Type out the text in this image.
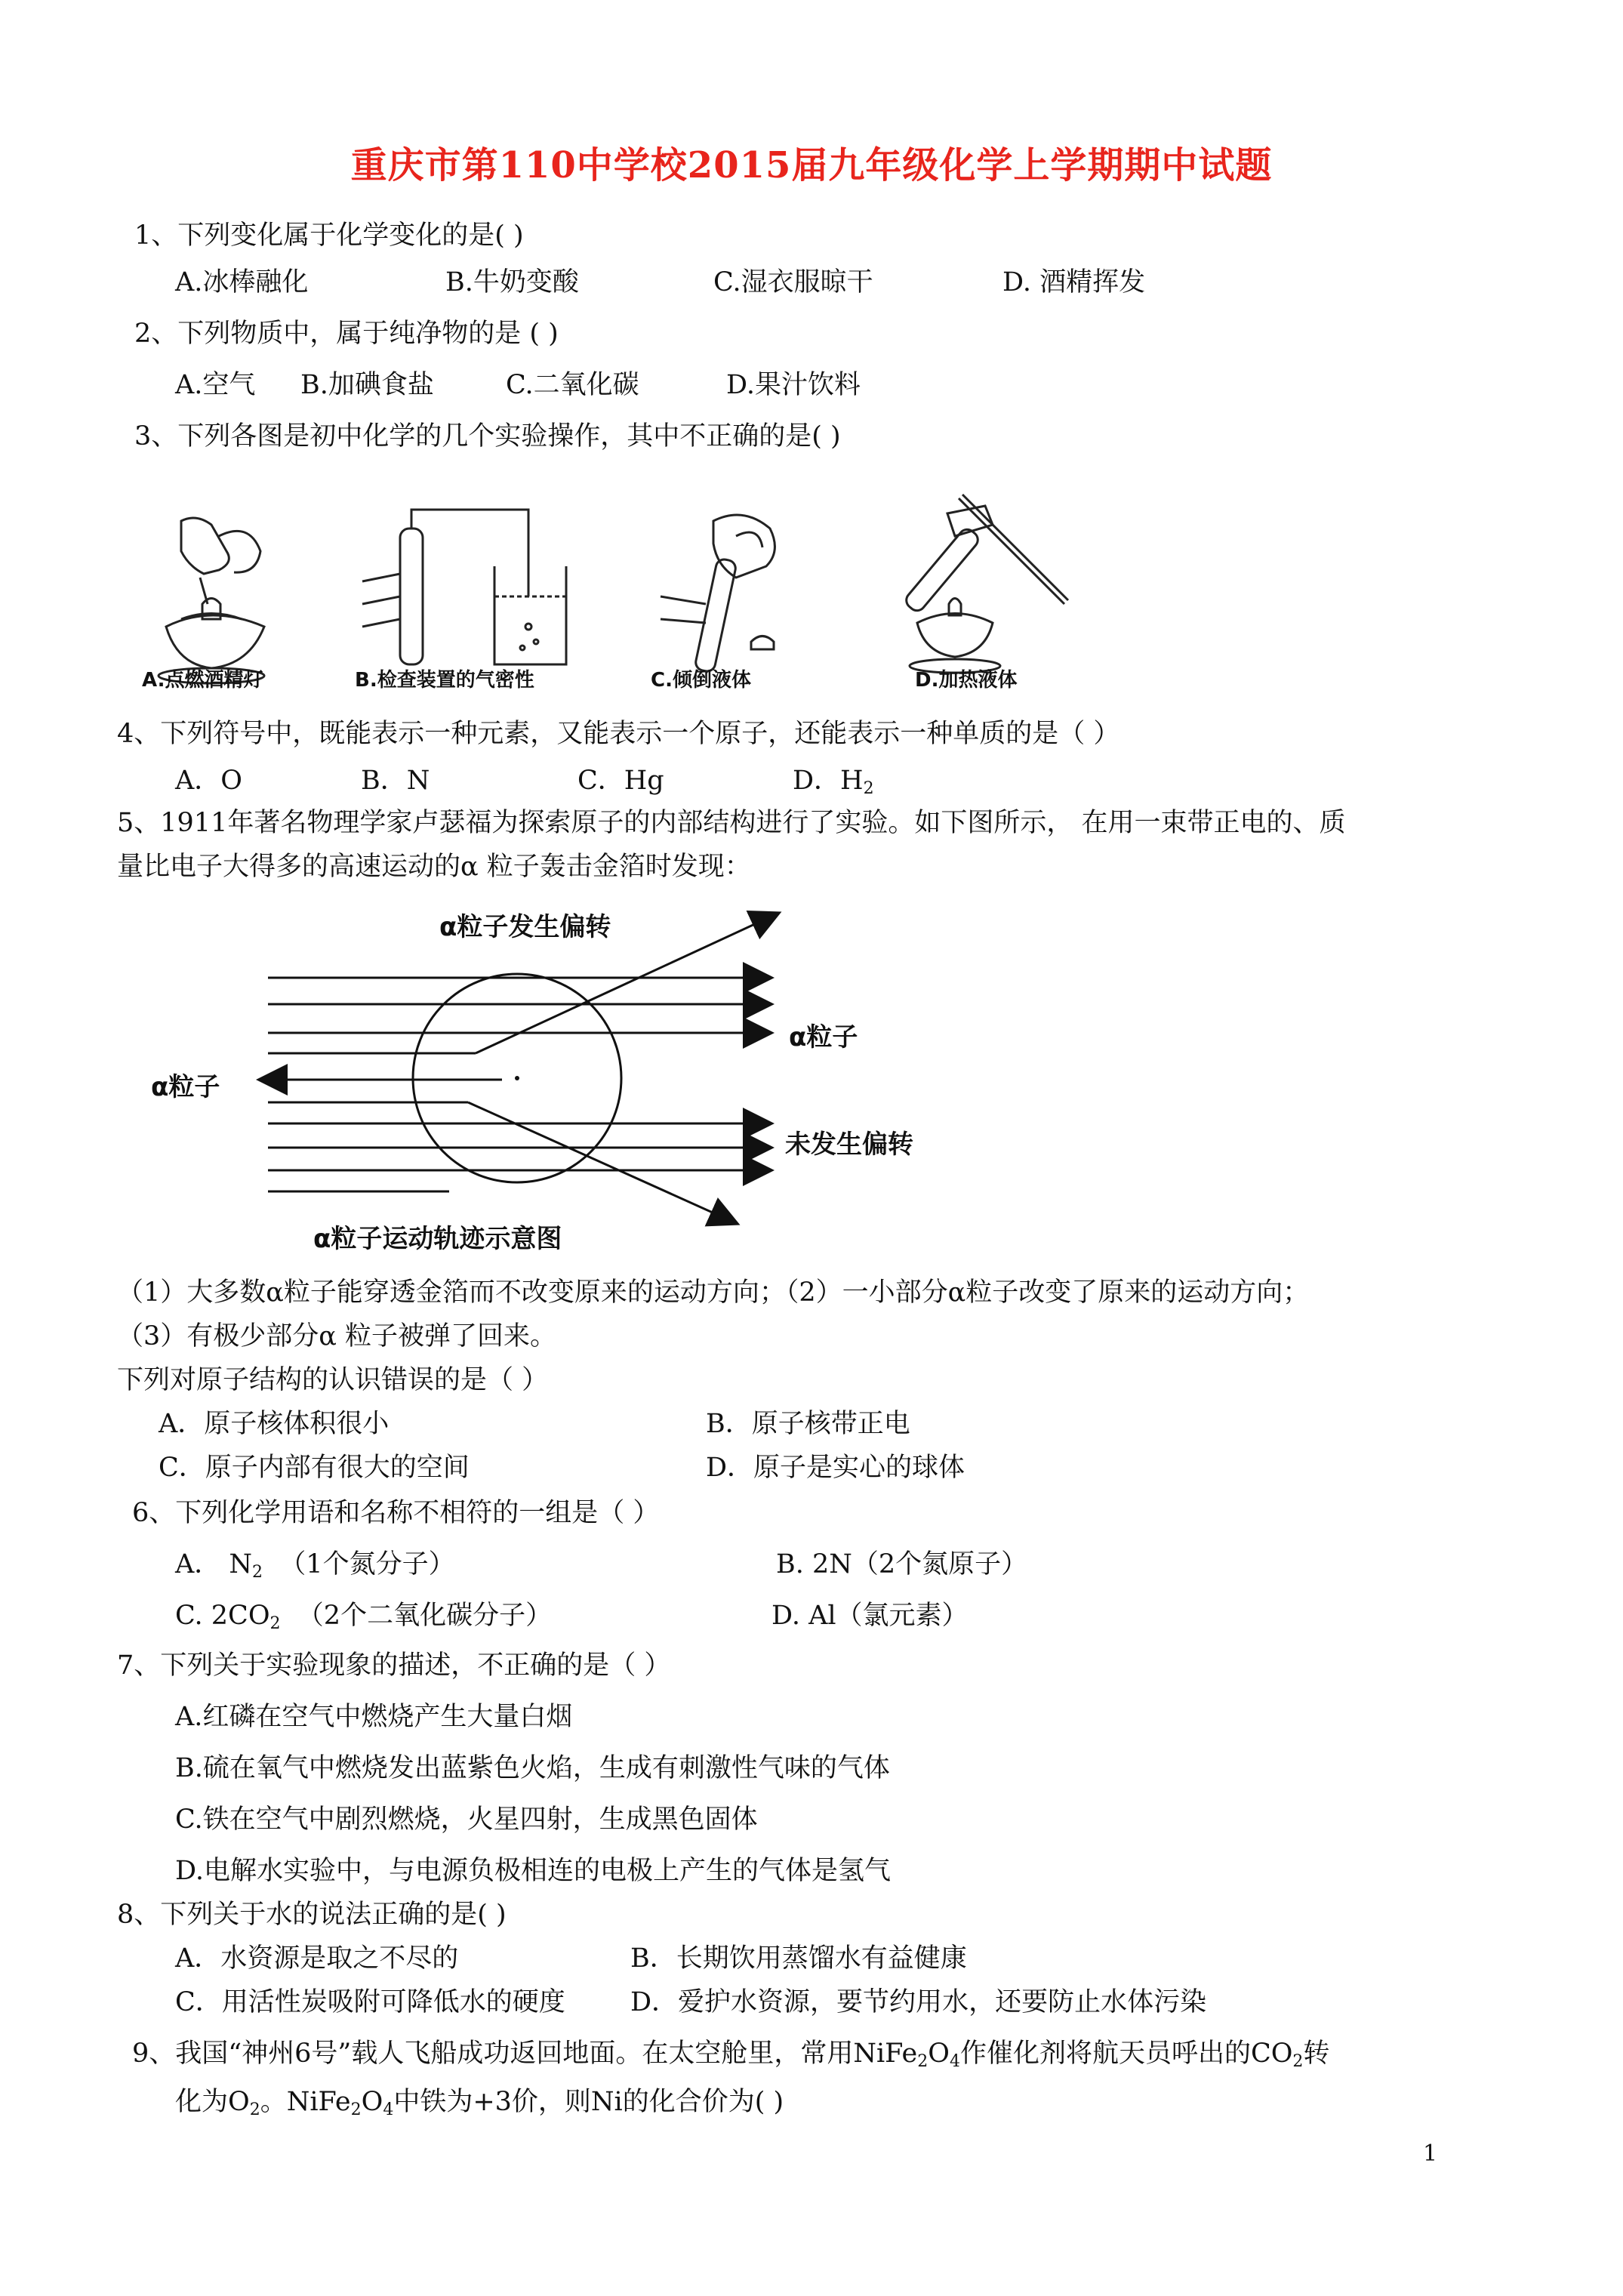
重庆市第110中学校2015届九年级化学上学期期中试题
1、下列变化属于化学变化的是( )
A.冰棒融化	B.牛奶变酸	C.湿衣服晾干	D. 酒精挥发
2、下列物质中，属于纯净物的是 ( )
A.空气 B.加碘食盐	C.二氧化碳	D.果汁饮料
3、下列各图是初中化学的几个实验操作，其中不正确的是( )
A.点燃酒精灯	B.检查装置的气密性	C.倾倒液体	D.加热液体
4、下列符号中，既能表示一种元素，又能表示一个原子，还能表示一种单质的是（ ）
A．O	B．N	C．Hg	D．$H_2$
5、1911年著名物理学家卢瑟福为探索原子的内部结构进行了实验。如下图所示， 在用一束带正电的、质
量比电子大得多的高速运动的α 粒子轰击金箔时发现：
α粒子发生偏转
α粒子
α粒子
未发生偏转
α粒子运动轨迹示意图
（1）大多数α粒子能穿透金箔而不改变原来的运动方向；（2）一小部分α粒子改变了原来的运动方向；
（3）有极少部分α 粒子被弹了回来。
下列对原子结构的认识错误的是（ ）
A．原子核体积很小	B．原子核带正电
C．原子内部有很大的空间	D．原子是实心的球体
6、下列化学用语和名称不相符的一组是（ ）
A． $N_2$ （1个氮分子）	B. 2N（2个氮原子）
C. $2CO_2$ （2个二氧化碳分子）	D. Al（氯元素）
7、下列关于实验现象的描述，不正确的是（ ）
A.红磷在空气中燃烧产生大量白烟
B.硫在氧气中燃烧发出蓝紫色火焰，生成有刺激性气味的气体
C.铁在空气中剧烈燃烧，火星四射，生成黑色固体
D.电解水实验中，与电源负极相连的电极上产生的气体是氢气
8、下列关于水的说法正确的是( )
A．水资源是取之不尽的	B．长期饮用蒸馏水有益健康
C．用活性炭吸附可降低水的硬度 D．爱护水资源，要节约用水，还要防止水体污染
9、我国“神州6号”载人飞船成功返回地面。在太空舱里，常用$NiFe_2O_4$作催化剂将航天员呼出的$CO_2$转
化为$O_2$。$NiFe_2O_4$中铁为+3价，则Ni的化合价为( )
1
